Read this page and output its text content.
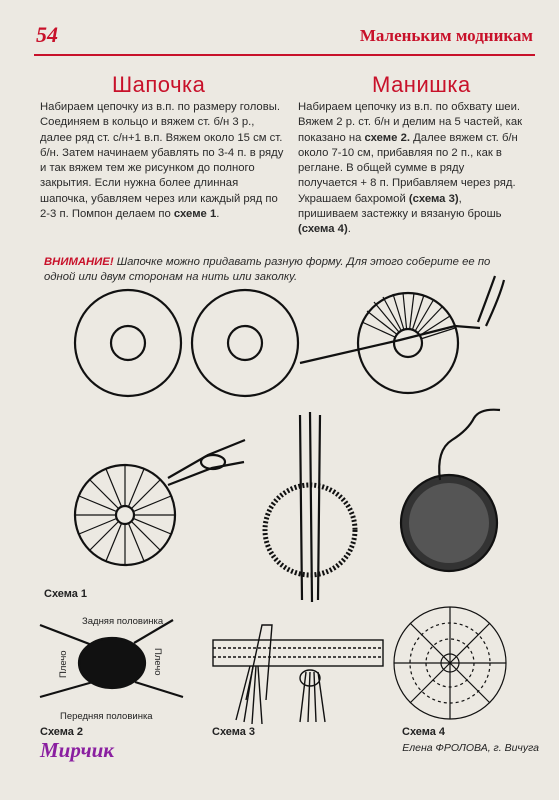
54	Маленьким модникам
Шапочка
Набираем цепочку из в.п. по размеру головы. Соединяем в кольцо и вяжем ст. б/н 3 р., далее ряд ст. с/н+1 в.п. Вяжем около 15 см ст. б/н. Затем начинаем убавлять по 3-4 п. в ряду и так вяжем тем же рисунком до полного закрытия. Если нужна более длинная шапочка, убавляем через или каждый ряд по 2-3 п. Помпон делаем по схеме 1.
Манишка
Набираем цепочку из в.п. по обхвату шеи. Вяжем 2 р. ст. б/н и делим на 5 частей, как показано на схеме 2. Далее вяжем ст. б/н около 7-10 см, прибавляя по 2 п., как в реглане. В общей сумме в ряду получается + 8 п. Прибавляем через ряд. Украшаем бахромой (схема 3), пришиваем застежку и вязаную брошь (схема 4).
ВНИМАНИЕ! Шапочке можно придавать разную форму. Для этого соберите ее по одной или двум сторонам на нить или заколку.
Схема 1
Задняя половинка
Передняя половинка
Плечо	Плечо
Схема 2	Схема 3	Схема 4
Мирчик	Елена ФРОЛОВА, г. Вичуга
